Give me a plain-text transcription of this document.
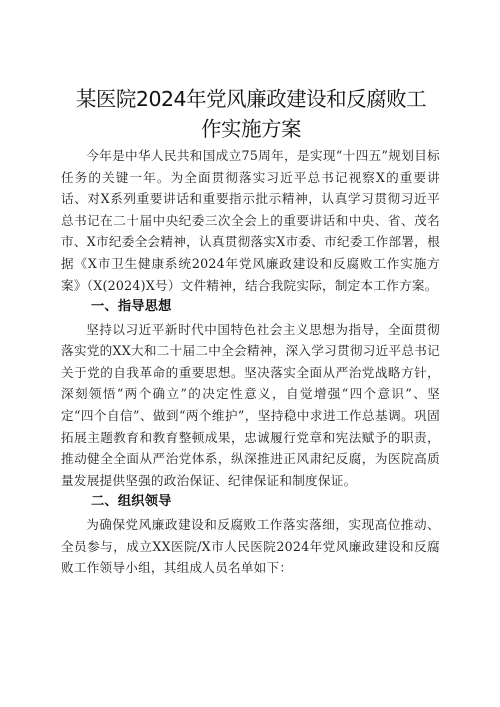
某医院2024年党风廉政建设和反腐败工作实施方案

今年是中华人民共和国成立75周年，是实现“十四五”规划目标任务的关键一年。为全面贯彻落实习近平总书记视察X的重要讲话、对X系列重要讲话和重要指示批示精神，认真学习贯彻习近平总书记在二十届中央纪委三次全会上的重要讲话和中央、省、茂名市、X市纪委全会精神，认真贯彻落实X市委、市纪委工作部署，根据《X市卫生健康系统2024年党风廉政建设和反腐败工作实施方案》（X(2024)X号）文件精神，结合我院实际，制定本工作方案。

一、指导思想

坚持以习近平新时代中国特色社会主义思想为指导，全面贯彻落实党的XX大和二十届二中全会精神，深入学习贯彻习近平总书记关于党的自我革命的重要思想。坚决落实全面从严治党战略方针，深刻领悟“两个确立”的决定性意义，自觉增强“四个意识”、坚定“四个自信”、做到“两个维护”，坚持稳中求进工作总基调。巩固拓展主题教育和教育整顿成果，忠诚履行党章和宪法赋予的职责，推动健全全面从严治党体系，纵深推进正风肃纪反腐，为医院高质量发展提供坚强的政治保证、纪律保证和制度保证。

二、组织领导

为确保党风廉政建设和反腐败工作落实落细，实现高位推动、全员参与，成立XX医院/X市人民医院2024年党风廉政建设和反腐败工作领导小组，其组成人员名单如下：
